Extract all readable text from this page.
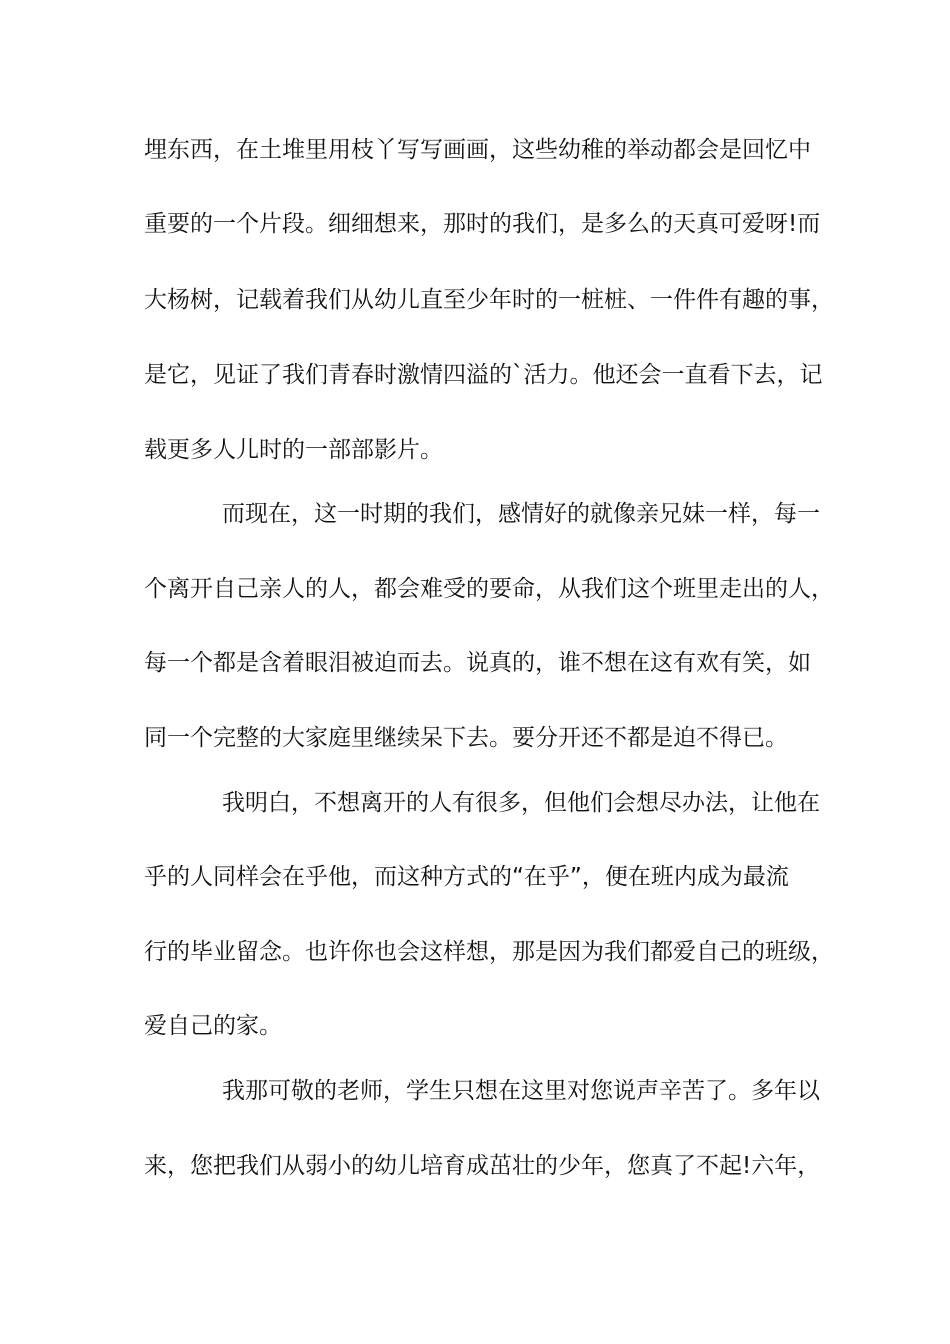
埋东西，在土堆里用枝丫写写画画，这些幼稚的举动都会是回忆中
重要的一个片段。细细想来，那时的我们，是多么的天真可爱呀!而
大杨树，记载着我们从幼儿直至少年时的一桩桩、一件件有趣的事，
是它，见证了我们青春时激情四溢的`活力。他还会一直看下去，记
载更多人儿时的一部部影片。
而现在，这一时期的我们，感情好的就像亲兄妹一样，每一
个离开自己亲人的人，都会难受的要命，从我们这个班里走出的人，
每一个都是含着眼泪被迫而去。说真的，谁不想在这有欢有笑，如
同一个完整的大家庭里继续呆下去。要分开还不都是迫不得已。
我明白，不想离开的人有很多，但他们会想尽办法，让他在
乎的人同样会在乎他，而这种方式的“在乎”，便在班内成为最流
行的毕业留念。也许你也会这样想，那是因为我们都爱自己的班级，
爱自己的家。
我那可敬的老师，学生只想在这里对您说声辛苦了。多年以
来，您把我们从弱小的幼儿培育成茁壮的少年，您真了不起!六年，
